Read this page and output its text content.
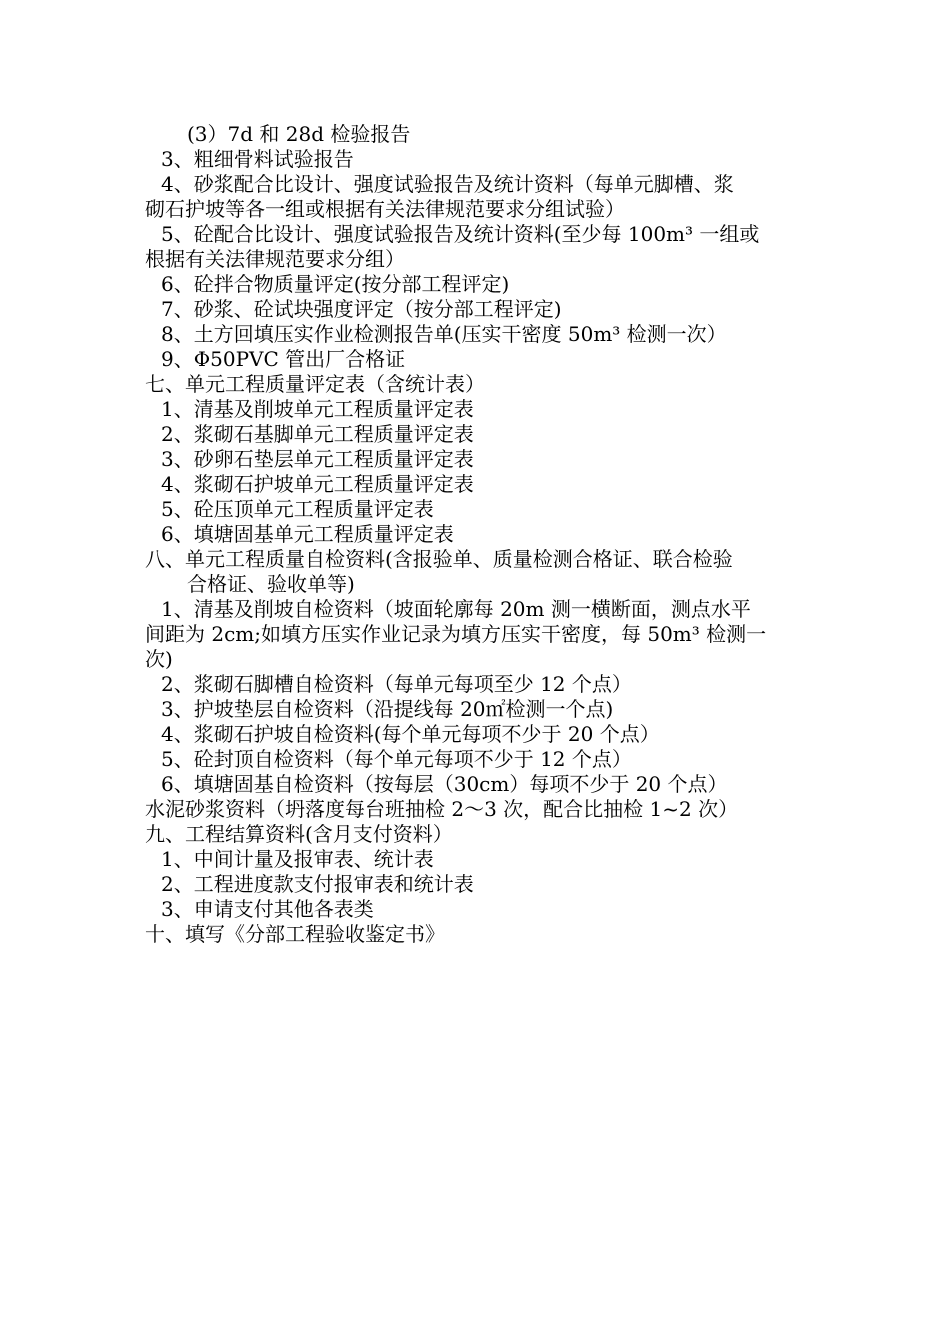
(3）7d 和 28d 检验报告
3、粗细骨料试验报告
4、砂浆配合比设计、强度试验报告及统计资料（每单元脚槽、浆
砌石护坡等各一组或根据有关法律规范要求分组试验）
5、砼配合比设计、强度试验报告及统计资料(至少每 100m³ 一组或
根据有关法律规范要求分组）
6、砼拌合物质量评定(按分部工程评定)
7、砂浆、砼试块强度评定（按分部工程评定)
8、土方回填压实作业检测报告单(压实干密度 50m³ 检测一次）
9、Φ50PVC 管出厂合格证
七、单元工程质量评定表（含统计表）
1、清基及削坡单元工程质量评定表
2、浆砌石基脚单元工程质量评定表
3、砂卵石垫层单元工程质量评定表
4、浆砌石护坡单元工程质量评定表
5、砼压顶单元工程质量评定表
6、填塘固基单元工程质量评定表
八、单元工程质量自检资料(含报验单、质量检测合格证、联合检验
合格证、验收单等)
1、清基及削坡自检资料（坡面轮廓每 20m 测一横断面，测点水平
间距为 2cm;如填方压实作业记录为填方压实干密度，每 50m³ 检测一
次)
2、浆砌石脚槽自检资料（每单元每项至少 12 个点）
3、护坡垫层自检资料（沿提线每 20㎡检测一个点)
4、浆砌石护坡自检资料(每个单元每项不少于 20 个点）
5、砼封顶自检资料（每个单元每项不少于 12 个点）
6、填塘固基自检资料（按每层（30cm）每项不少于 20 个点）
水泥砂浆资料（坍落度每台班抽检 2～3 次，配合比抽检 1~2 次）
九、工程结算资料(含月支付资料）
1、中间计量及报审表、统计表
2、工程进度款支付报审表和统计表
3、申请支付其他各表类
十、填写《分部工程验收鉴定书》
